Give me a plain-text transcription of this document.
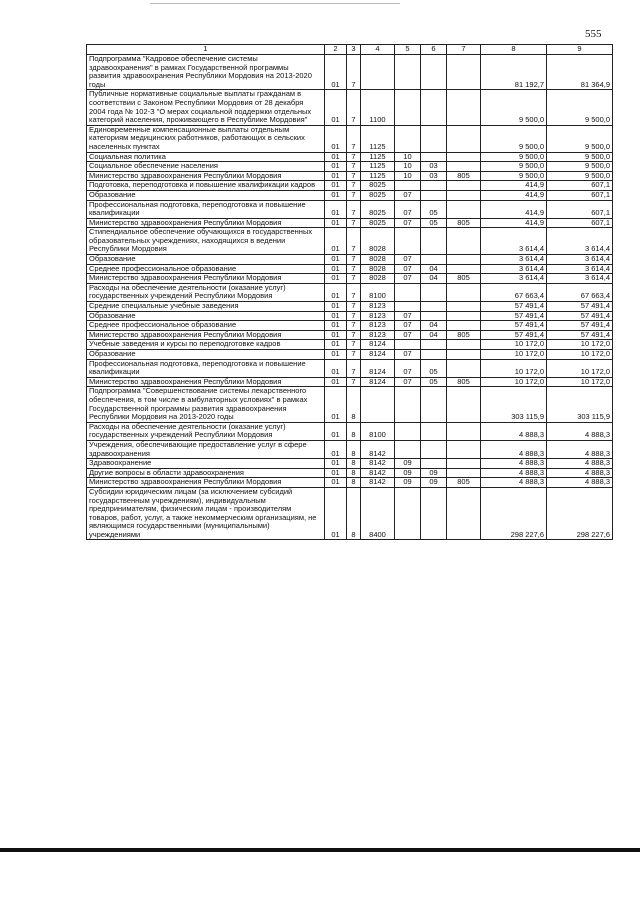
555
1	2	3	4	5	6	7	8	9
Подпрограмма "Кадровое обеспечение системы здравоохранения" в рамках Государственной программы развития здравоохранения Республики Мордовия на 2013-2020 годы	01	7					81 192,7	81 364,9
Публичные нормативные социальные выплаты гражданам в соответствии с Законом Республики Мордовия от 28 декабря 2004 года № 102-З "О мерах социальной поддержки отдельных категорий населения, проживающего в Республике Мордовия"	01	7	1100				9 500,0	9 500,0
Единовременные компенсационные выплаты отдельным категориям медицинских работников, работающих в сельских населенных пунктах	01	7	1125				9 500,0	9 500,0
Социальная политика	01	7	1125	10			9 500,0	9 500,0
Социальное обеспечение населения	01	7	1125	10	03		9 500,0	9 500,0
Министерство здравоохранения Республики Мордовия	01	7	1125	10	03	805	9 500,0	9 500,0
Подготовка, переподготовка и повышение квалификации кадров	01	7	8025				414,9	607,1
Образование	01	7	8025	07			414,9	607,1
Профессиональная подготовка, переподготовка и повышение квалификации	01	7	8025	07	05		414,9	607,1
Министерство здравоохранения Республики Мордовия	01	7	8025	07	05	805	414,9	607,1
Стипендиальное обеспечение обучающихся в государственных образовательных учреждениях, находящихся в ведении Республики Мордовия	01	7	8028				3 614,4	3 614,4
Образование	01	7	8028	07			3 614,4	3 614,4
Среднее профессиональное образование	01	7	8028	07	04		3 614,4	3 614,4
Министерство здравоохранения Республики Мордовия	01	7	8028	07	04	805	3 614,4	3 614,4
Расходы на обеспечение деятельности (оказание услуг) государственных учреждений Республики Мордовия	01	7	8100				67 663,4	67 663,4
Средние специальные учебные заведения	01	7	8123				57 491,4	57 491,4
Образование	01	7	8123	07			57 491,4	57 491,4
Среднее профессиональное образование	01	7	8123	07	04		57 491,4	57 491,4
Министерство здравоохранения Республики Мордовия	01	7	8123	07	04	805	57 491,4	57 491,4
Учебные заведения и курсы по переподготовке кадров	01	7	8124				10 172,0	10 172,0
Образование	01	7	8124	07			10 172,0	10 172,0
Профессиональная подготовка, переподготовка и повышение квалификации	01	7	8124	07	05		10 172,0	10 172,0
Министерство здравоохранения Республики Мордовия	01	7	8124	07	05	805	10 172,0	10 172,0
Подпрограмма "Совершенствование системы лекарственного обеспечения, в том числе в амбулаторных условиях" в рамках Государственной программы развития здравоохранения Республики Мордовия на 2013-2020 годы	01	8					303 115,9	303 115,9
Расходы на обеспечение деятельности (оказание услуг) государственных учреждений Республики Мордовия	01	8	8100				4 888,3	4 888,3
Учреждения, обеспечивающие предоставление услуг в сфере здравоохранения	01	8	8142				4 888,3	4 888,3
Здравоохранение	01	8	8142	09			4 888,3	4 888,3
Другие вопросы в области здравоохранения	01	8	8142	09	09		4 888,3	4 888,3
Министерство здравоохранения Республики Мордовия	01	8	8142	09	09	805	4 888,3	4 888,3
Субсидии юридическим лицам (за исключением субсидий государственным учреждениям), индивидуальным предпринимателям, физическим лицам - производителям товаров, работ, услуг, а также некоммерческим организациям, не являющимся государственными (муниципальными) учреждениями	01	8	8400				298 227,6	298 227,6
